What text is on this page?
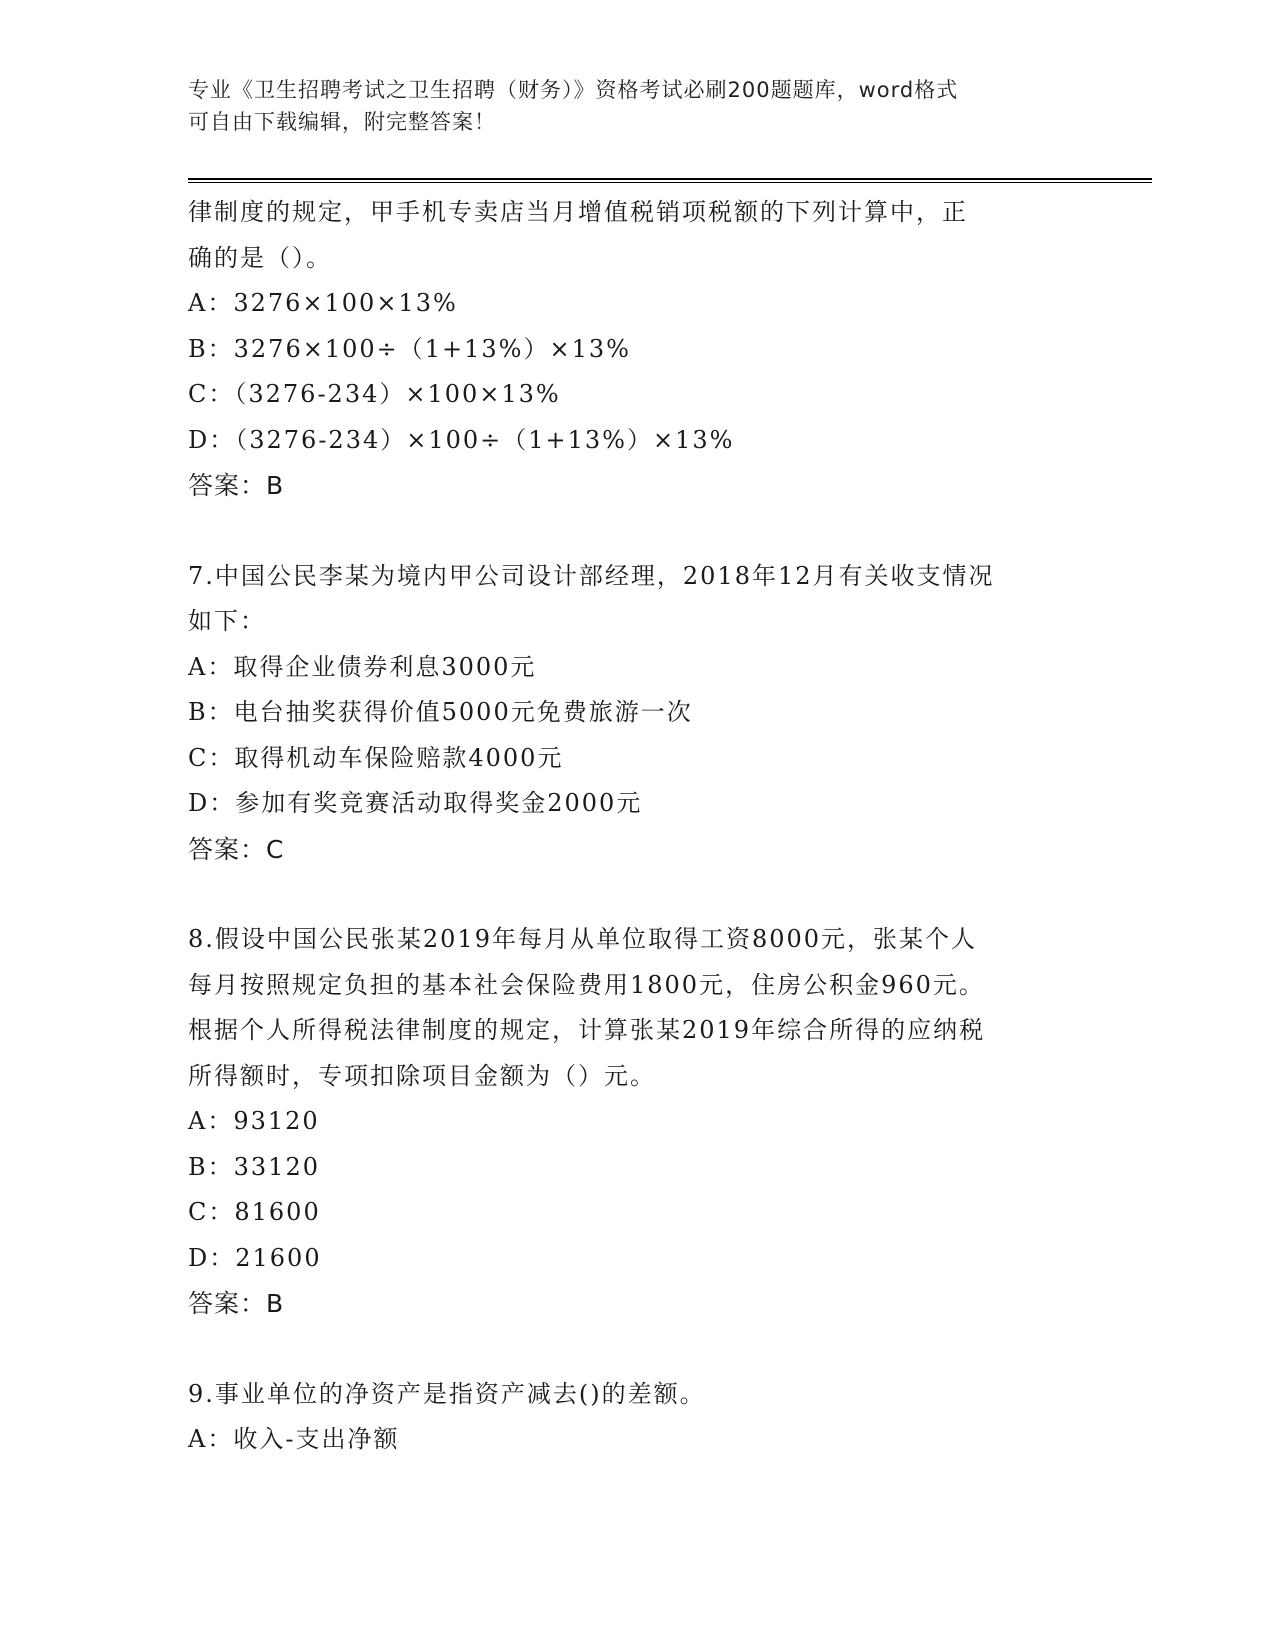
专业《卫生招聘考试之卫生招聘（财务）》资格考试必刷200题题库，word格式
可自由下载编辑，附完整答案！
律制度的规定，甲手机专卖店当月增值税销项税额的下列计算中，正
确的是（）。
A：3276×100×13%
B：3276×100÷（1+13%）×13%
C：（3276-234）×100×13%
D：（3276-234）×100÷（1+13%）×13%
答案：B
7.中国公民李某为境内甲公司设计部经理，2018年12月有关收支情况
如下：
A：取得企业债券利息3000元
B：电台抽奖获得价值5000元免费旅游一次
C：取得机动车保险赔款4000元
D：参加有奖竞赛活动取得奖金2000元
答案：C
8.假设中国公民张某2019年每月从单位取得工资8000元，张某个人
每月按照规定负担的基本社会保险费用1800元，住房公积金960元。
根据个人所得税法律制度的规定，计算张某2019年综合所得的应纳税
所得额时，专项扣除项目金额为（）元。
A：93120
B：33120
C：81600
D：21600
答案：B
9.事业单位的净资产是指资产减去()的差额。
A：收入-支出净额
